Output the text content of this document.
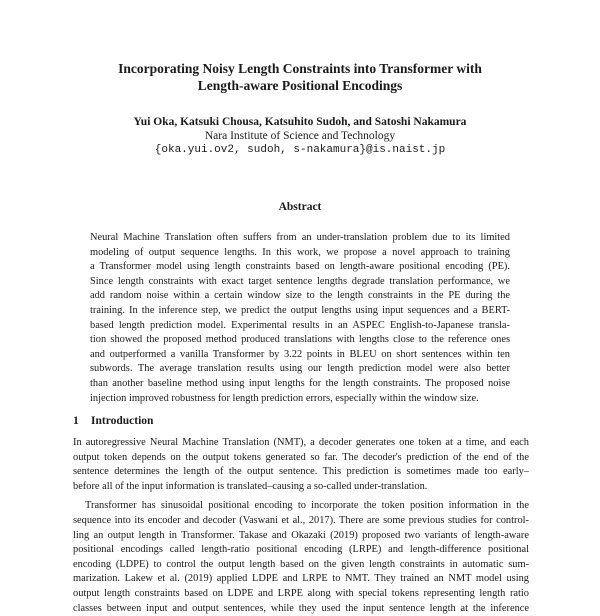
Incorporating Noisy Length Constraints into Transformer with
Length-aware Positional Encodings
Yui Oka, Katsuki Chousa, Katsuhito Sudoh, and Satoshi Nakamura
Nara Institute of Science and Technology
{oka.yui.ov2, sudoh, s-nakamura}@is.naist.jp
Abstract
Neural Machine Translation often suffers from an under-translation problem due to its limited
modeling of output sequence lengths. In this work, we propose a novel approach to training
a Transformer model using length constraints based on length-aware positional encoding (PE).
Since length constraints with exact target sentence lengths degrade translation performance, we
add random noise within a certain window size to the length constraints in the PE during the
training. In the inference step, we predict the output lengths using input sequences and a BERT-
based length prediction model. Experimental results in an ASPEC English-to-Japanese transla-
tion showed the proposed method produced translations with lengths close to the reference ones
and outperformed a vanilla Transformer by 3.22 points in BLEU on short sentences within ten
subwords. The average translation results using our length prediction model were also better
than another baseline method using input lengths for the length constraints. The proposed noise
injection improved robustness for length prediction errors, especially within the window size.
1 Introduction
In autoregressive Neural Machine Translation (NMT), a decoder generates one token at a time, and each
output token depends on the output tokens generated so far. The decoder's prediction of the end of the
sentence determines the length of the output sentence. This prediction is sometimes made too early–
before all of the input information is translated–causing a so-called under-translation.
Transformer has sinusoidal positional encoding to incorporate the token position information in the
sequence into its encoder and decoder (Vaswani et al., 2017). There are some previous studies for control-
ling an output length in Transformer. Takase and Okazaki (2019) proposed two variants of length-aware
positional encodings called length-ratio positional encoding (LRPE) and length-difference positional
encoding (LDPE) to control the output length based on the given length constraints in automatic sum-
marization. Lakew et al. (2019) applied LDPE and LRPE to NMT. They trained an NMT model using
output length constraints based on LDPE and LRPE along with special tokens representing length ratio
classes between input and output sentences, while they used the input sentence length at the inference
